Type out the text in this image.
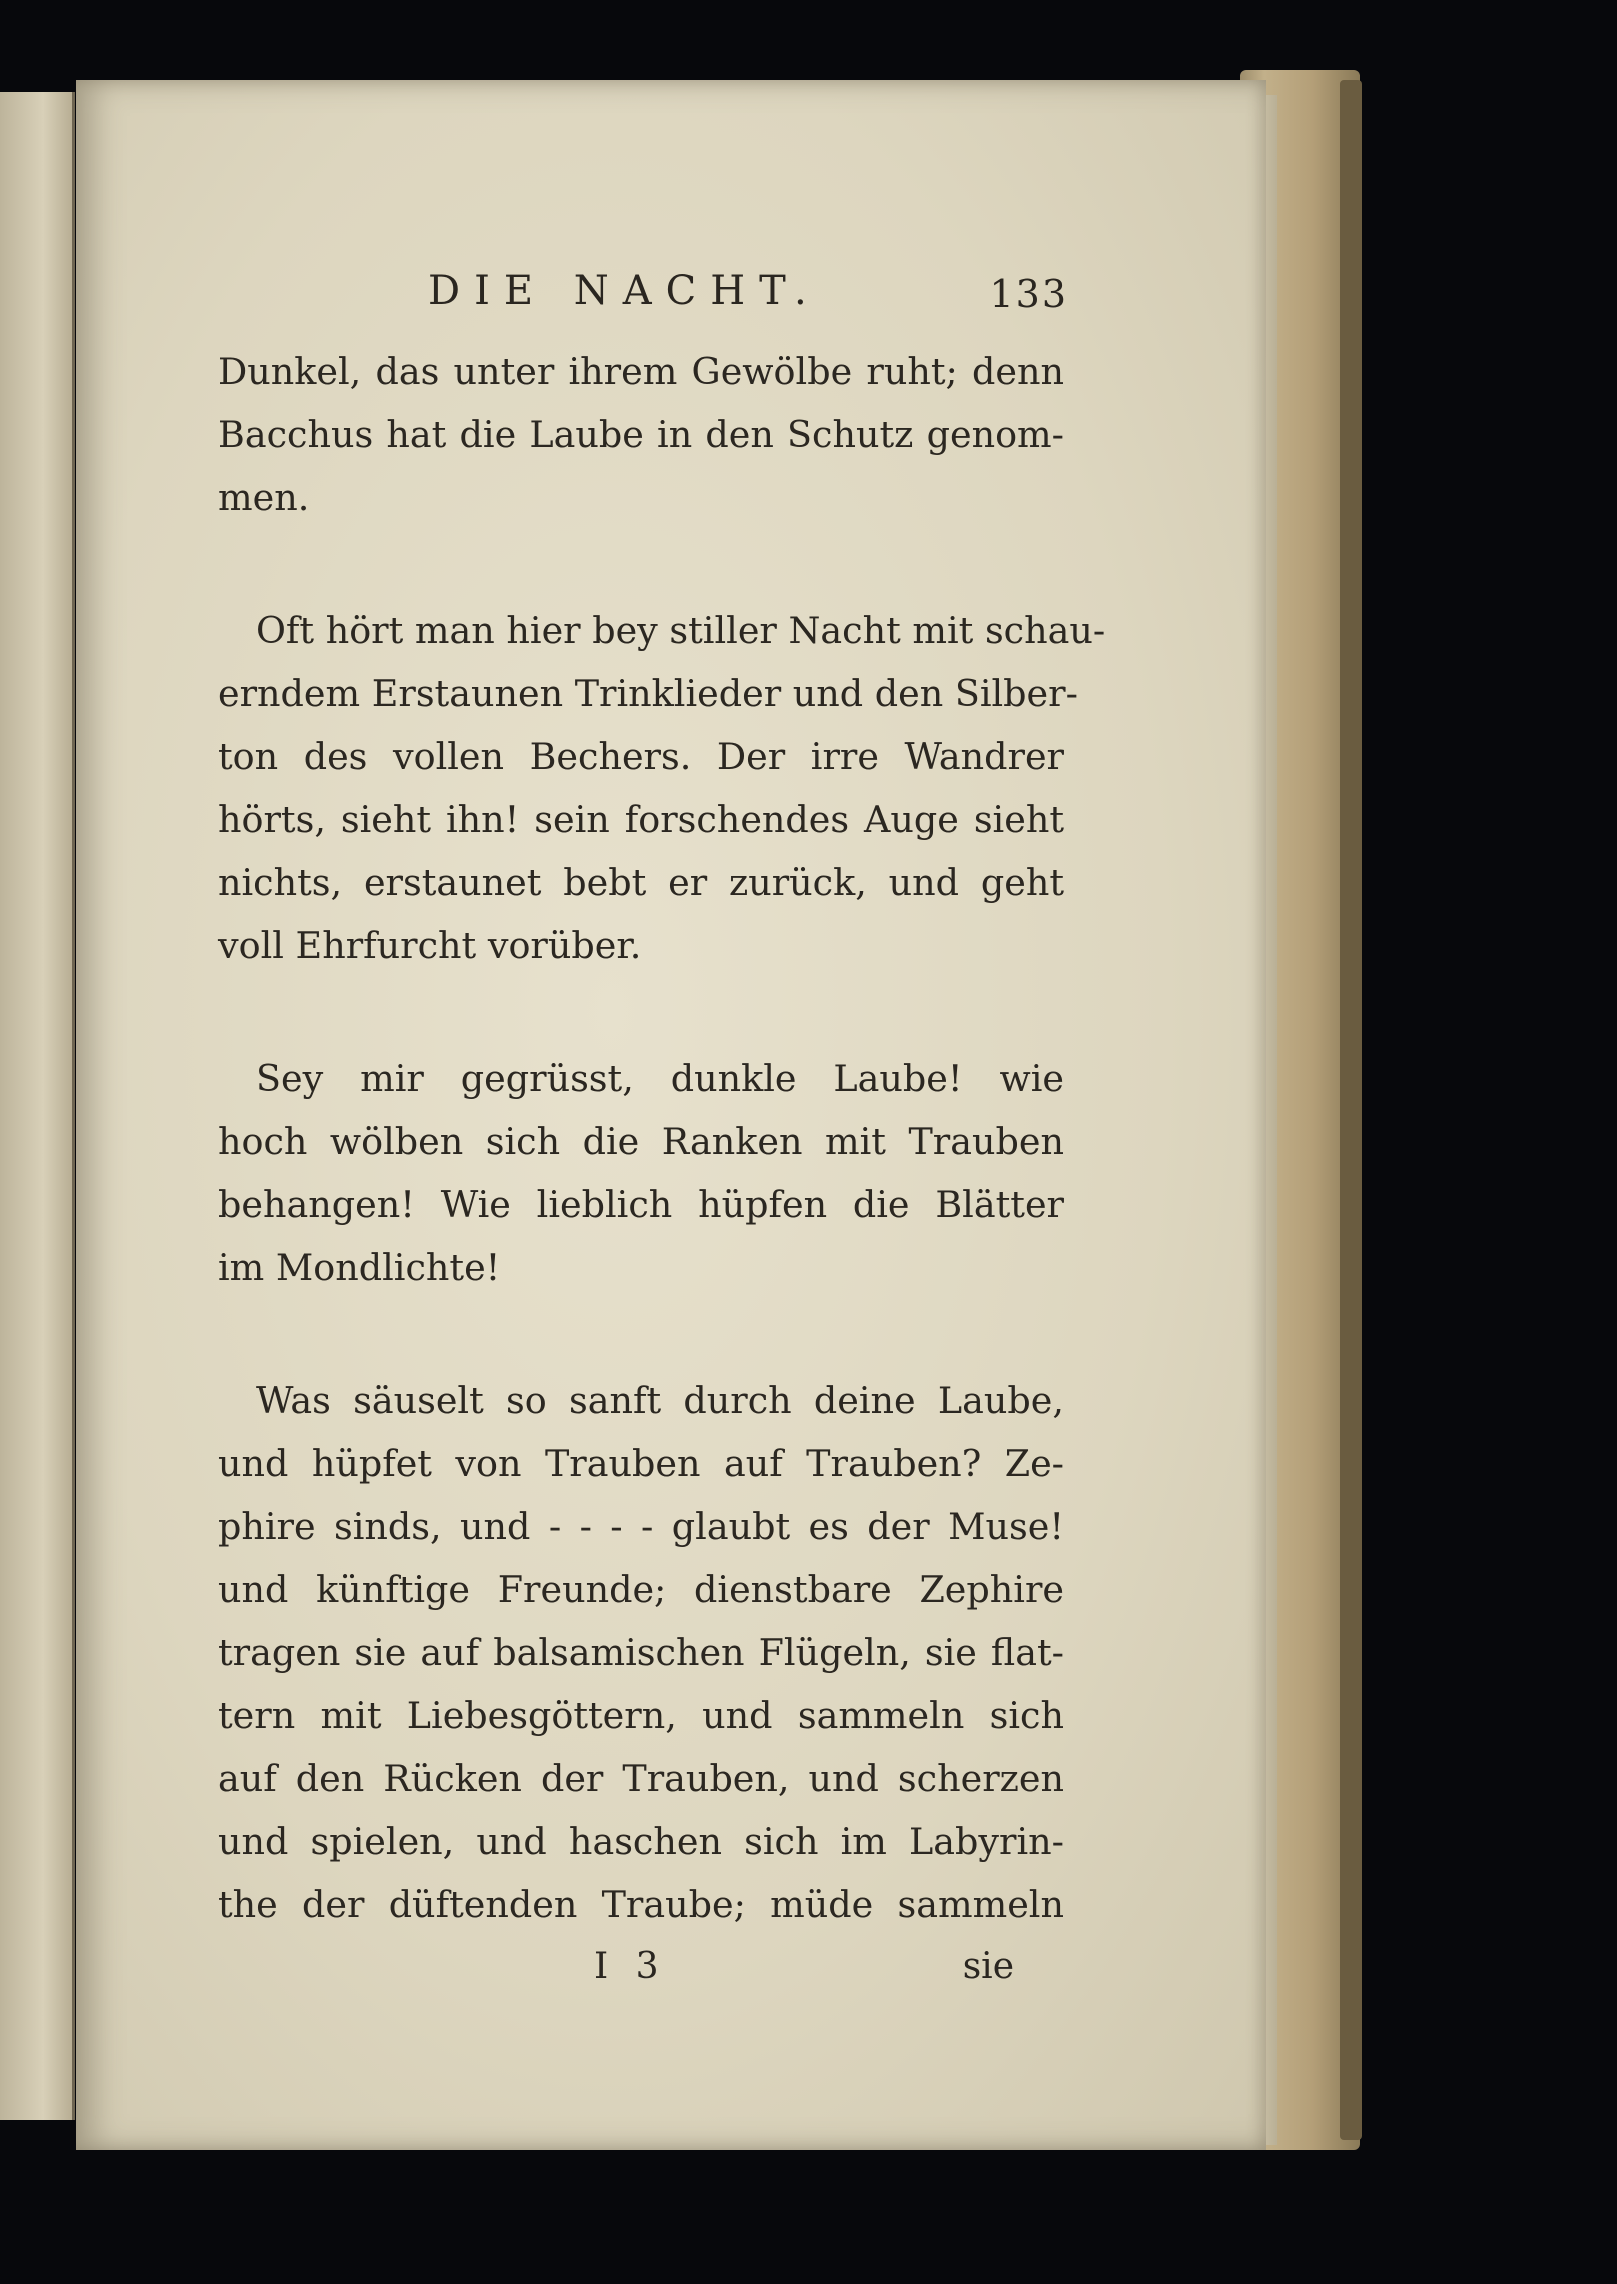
DIE NACHT.	133
Dunkel, das unter ihrem Gewölbe ruht; denn
Bacchus hat die Laube in den Schutz genom-
men.
Oft hört man hier bey stiller Nacht mit schau-
erndem Erstaunen Trinklieder und den Silber-
ton des vollen Bechers. Der irre Wandrer
hörts, sieht ihn! sein forschendes Auge sieht
nichts, erstaunet bebt er zurück, und geht
voll Ehrfurcht vorüber.
Sey mir gegrüsst, dunkle Laube! wie
hoch wölben sich die Ranken mit Trauben
behangen! Wie lieblich hüpfen die Blätter
im Mondlichte!
Was säuselt so sanft durch deine Laube,
und hüpfet von Trauben auf Trauben? Ze-
phire sinds, und - - - - glaubt es der Muse!
und künftige Freunde; dienstbare Zephire
tragen sie auf balsamischen Flügeln, sie flat-
tern mit Liebesgöttern, und sammeln sich
auf den Rücken der Trauben, und scherzen
und spielen, und haschen sich im Labyrin-
the der düftenden Traube; müde sammeln
I 3	sie
